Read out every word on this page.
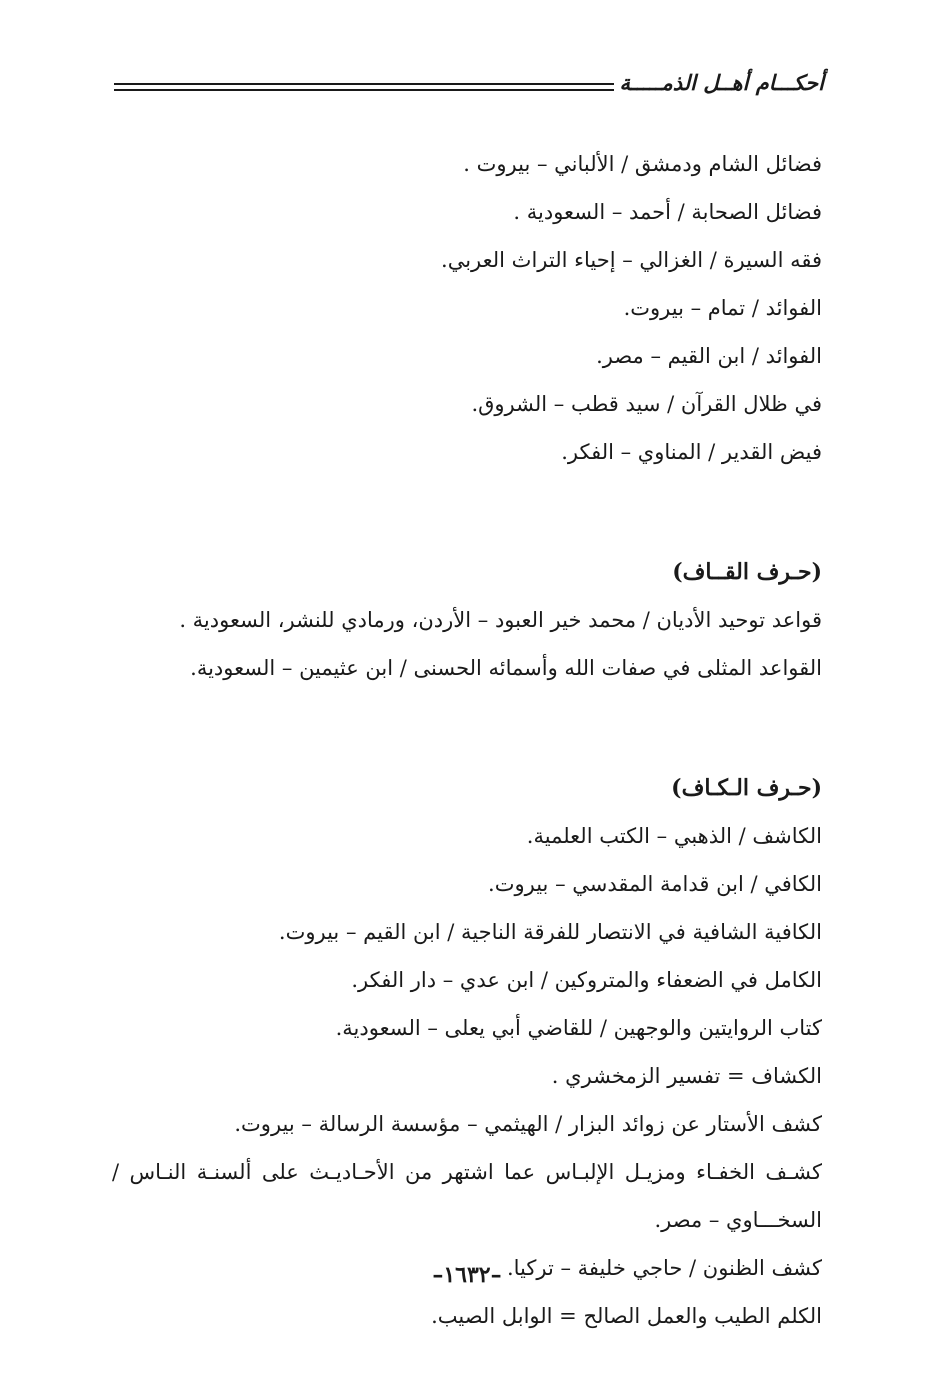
أحكـــام أهــل الذمـــــة
فضائل الشام ودمشق / الألباني – بيروت .
فضائل الصحابة / أحمد – السعودية .
فقه السيرة / الغزالي – إحياء التراث العربي.
الفوائد / تمام – بيروت.
الفوائد / ابن القيم – مصر.
في ظلال القرآن / سيد قطب – الشروق.
فيض القدير / المناوي – الفكر.
(حـرف القــاف)
قواعد توحيد الأديان / محمد خير العبود – الأردن، ورمادي للنشر، السعودية .
القواعد المثلى في صفات الله وأسمائه الحسنى / ابن عثيمين – السعودية.
(حـرف الـكـاف)
الكاشف / الذهبي – الكتب العلمية.
الكافي / ابن قدامة المقدسي – بيروت.
الكافية الشافية في الانتصار للفرقة الناجية / ابن القيم – بيروت.
الكامل في الضعفاء والمتروكين / ابن عدي – دار الفكر.
كتاب الروايتين والوجهين / للقاضي أبي يعلى – السعودية.
الكشاف = تفسير الزمخشري .
كشف الأستار عن زوائد البزار / الهيثمي – مؤسسة الرسالة – بيروت.
كشـف الخفـاء ومزيـل الإلبـاس عما اشتهر من الأحـاديـث على ألسنـة النـاس /
السخـــاوي – مصر.
كشف الظنون / حاجي خليفة – تركيا.
الكلم الطيب والعمل الصالح = الوابل الصيب.
–١٦٣٢–
